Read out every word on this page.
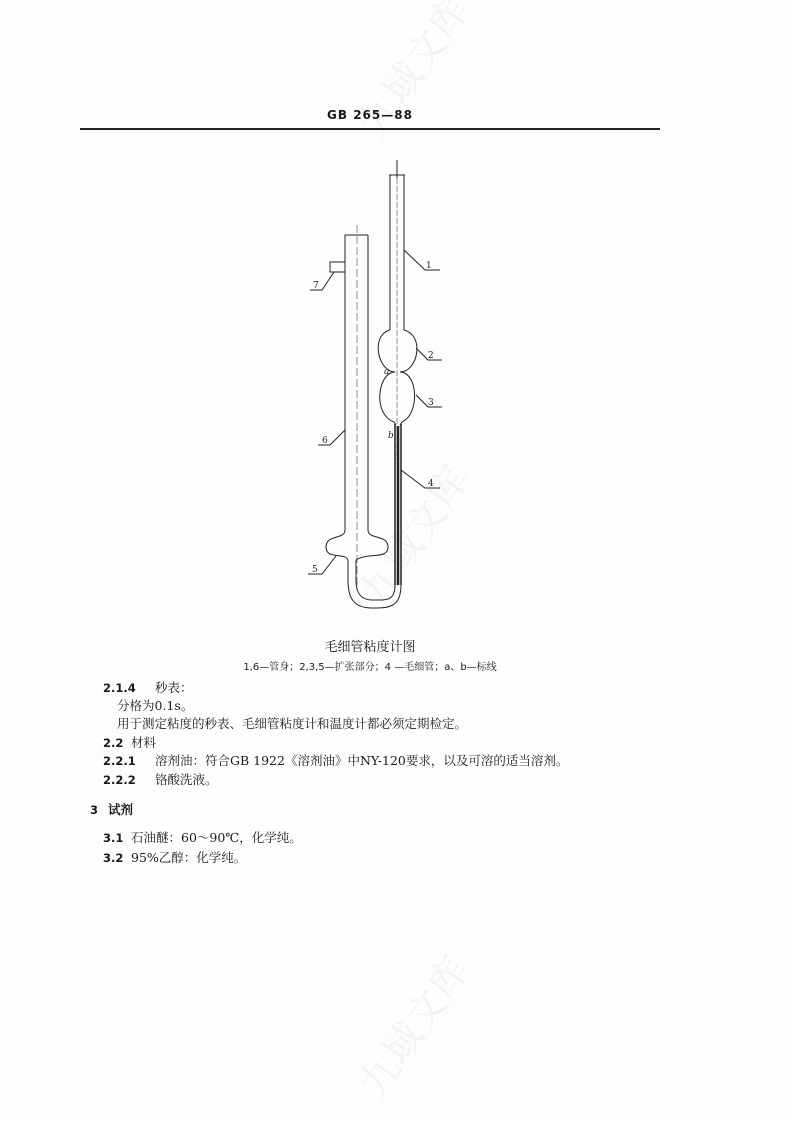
GB 265—88
1
2
3
4
5
6
7
a
b
毛细管粘度计图
1,6—管身；2,3,5—扩张部分；4 —毛细管；a、b—标线
2.1.4 秒表：
分格为0.1s。
用于测定粘度的秒表、毛细管粘度计和温度计都必须定期检定。
2.2 材料
2.2.1 溶剂油：符合GB 1922《溶剂油》中NY-120要求，以及可溶的适当溶剂。
2.2.2 铬酸洗液。
3 试剂
3.1 石油醚：60～90℃，化学纯。
3.2 95%乙醇：化学纯。
